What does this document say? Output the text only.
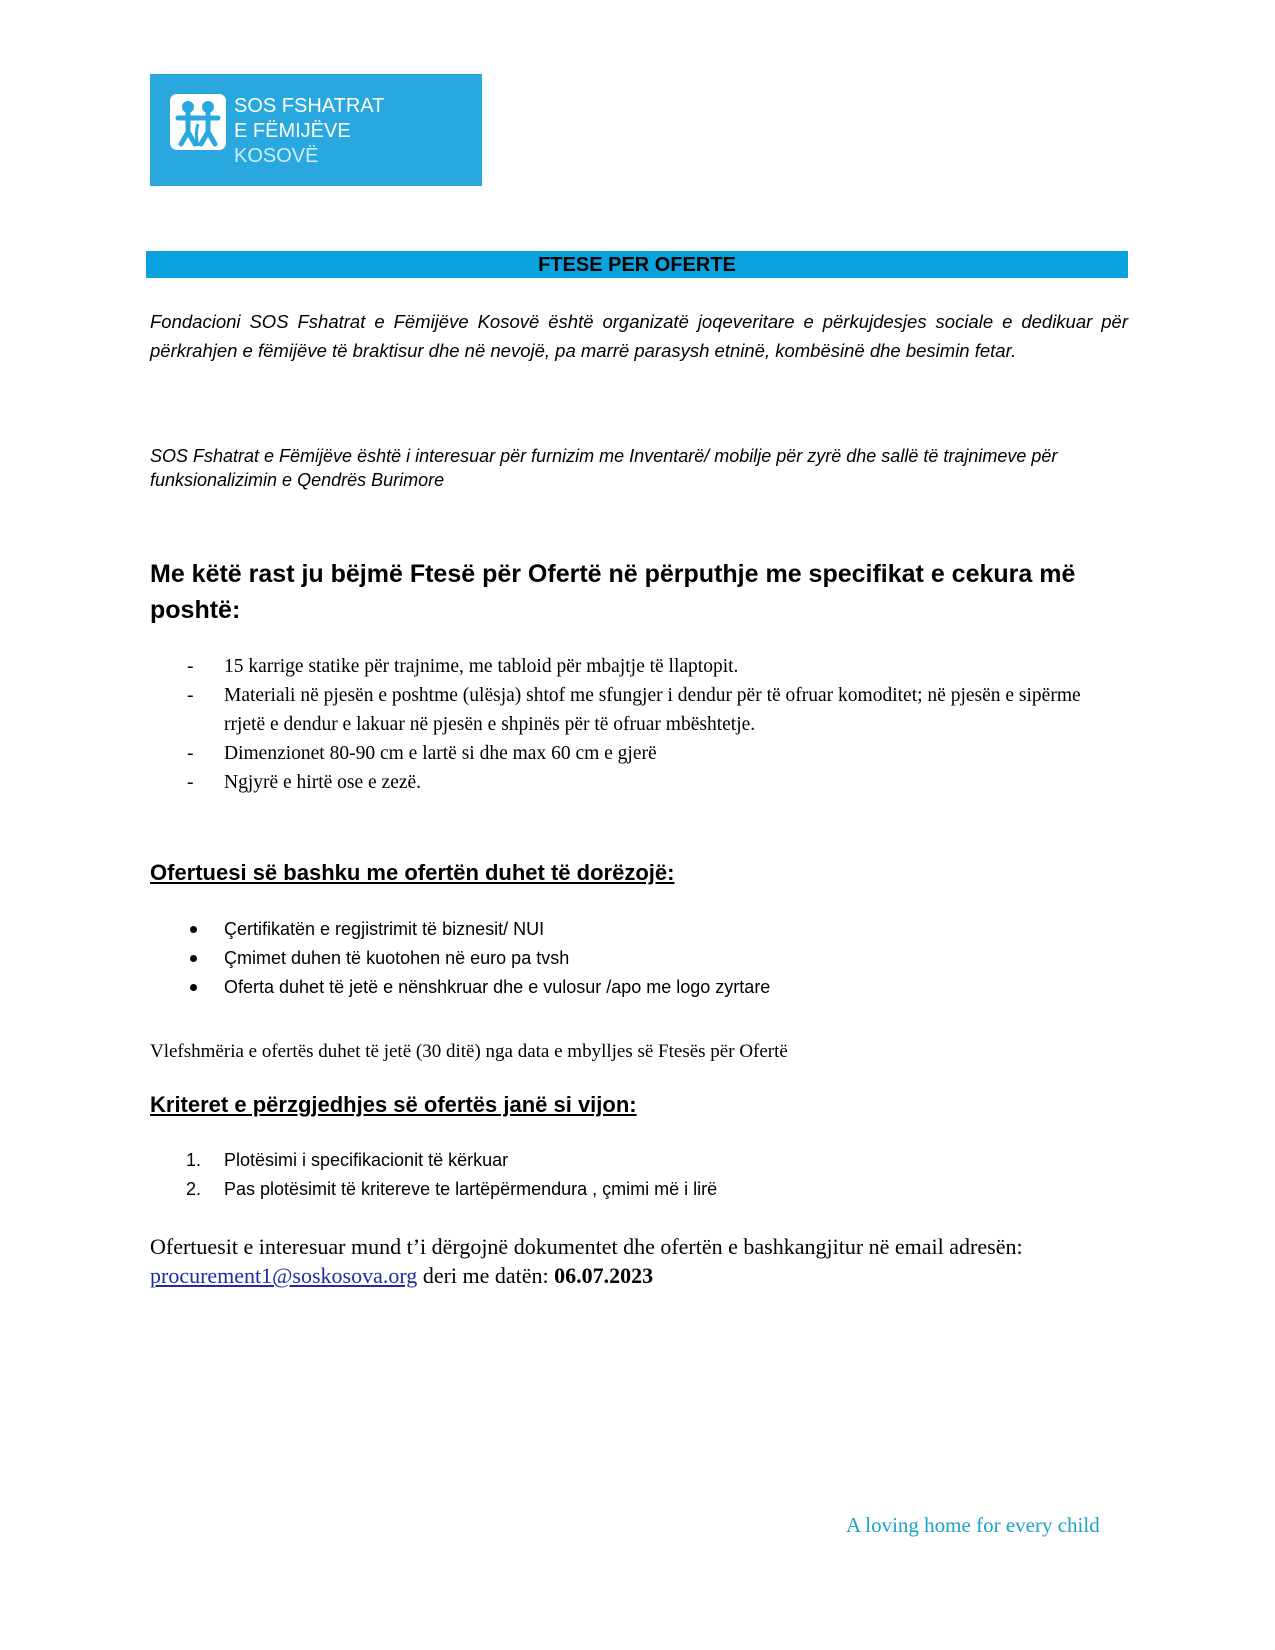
SOS FSHATRAT
E FËMIJËVE
KOSOVË
FTESE PER OFERTE
Fondacioni SOS Fshatrat e Fëmijëve Kosovë është organizatë joqeveritare e përkujdesjes sociale e dedikuar për përkrahjen e fëmijëve të braktisur dhe në nevojë, pa marrë parasysh etninë, kombësinë dhe besimin fetar.
SOS Fshatrat e Fëmijëve është i interesuar për furnizim me Inventarë/ mobilje për zyrë dhe sallë të trajnimeve për funksionalizimin e Qendrës Burimore
Me këtë rast ju bëjmë Ftesë për Ofertë në përputhje me specifikat e cekura më poshtë:
- 15 karrige statike për trajnime, me tabloid për mbajtje të llaptopit.
- Materiali në pjesën e poshtme (ulësja) shtof me sfungjer i dendur për të ofruar komoditet; në pjesën e sipërme rrjetë e dendur e lakuar në pjesën e shpinës për të ofruar mbështetje.
- Dimenzionet 80-90 cm e lartë si dhe max 60 cm e gjerë
- Ngjyrë e hirtë ose e zezë.
Ofertuesi së bashku me ofertën duhet të dorëzojë:
Çertifikatën e regjistrimit të biznesit/ NUI
Çmimet duhen të kuotohen në euro pa tvsh
Oferta duhet të jetë e nënshkruar dhe e vulosur /apo me logo zyrtare
Vlefshmëria e ofertës duhet të jetë (30 ditë) nga data e mbylljes së Ftesës për Ofertë
Kriteret e përzgjedhjes së ofertës janë si vijon:
1. Plotësimi i specifikacionit të kërkuar
2. Pas plotësimit të kritereve te lartëpërmendura , çmimi më i lirë
Ofertuesit e interesuar mund t’i dërgojnë dokumentet dhe ofertën e bashkangjitur në email adresën: procurement1@soskosova.org deri me datën: 06.07.2023
A loving home for every child
